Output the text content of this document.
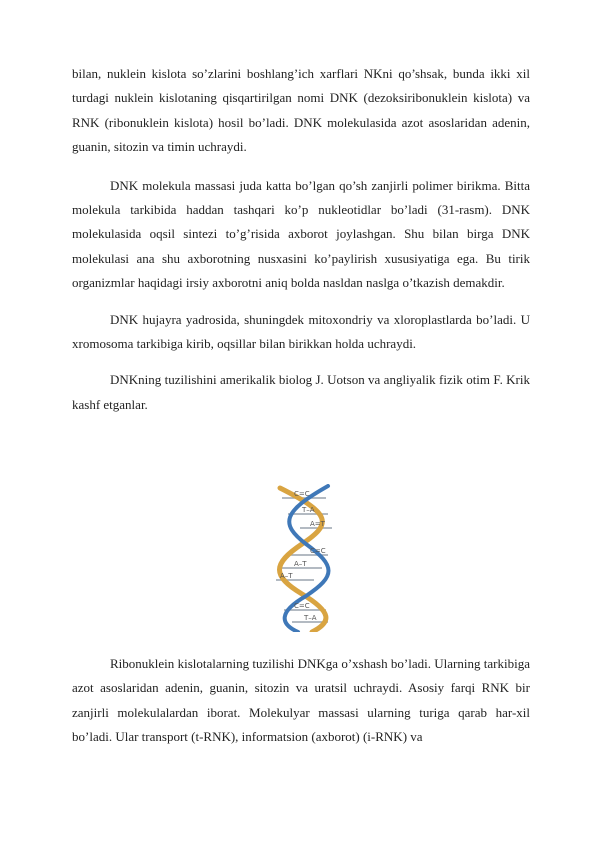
bilan, nuklein kislota so’zlarini boshlang’ich xarflari NKni qo’shsak, bunda ikki xil turdagi nuklein kislotaning qisqartirilgan nomi DNK (dezoksiribonuklein kislota) va RNK (ribonuklein kislota) hosil bo’ladi. DNK molekulasida azot asoslaridan adenin, guanin, sitozin va timin uchraydi.

DNK molekula massasi juda katta bo’lgan qo’sh zanjirli polimer birikma. Bitta molekula tarkibida haddan tashqari ko’p nukleotidlar bo’ladi (31-rasm). DNK molekulasida oqsil sintezi to’g’risida axborot joylashgan. Shu bilan birga DNK molekulasi ana shu axborotning nusxasini ko’paylirish xususiyatiga ega. Bu tirik organizmlar haqidagi irsiy axborotni aniq bolda nasldan naslga o’tkazish demakdir.

DNK hujayra yadrosida, shuningdek mitoxondriy va xloroplastlarda bo’ladi. U xromosoma tarkibiga kirib, oqsillar bilan birikkan holda uchraydi.

DNKning tuzilishini amerikalik biolog J. Uotson va angliyalik fizik otim F. Krik kashf etganlar.

C=C
T–A
A=T
C=C
A–T
A–T
C=C
T–A

Ribonuklein kislotalarning tuzilishi DNKga o’xshash bo’ladi. Ularning tarkibiga azot asoslaridan adenin, guanin, sitozin va uratsil uchraydi. Asosiy farqi RNK bir zanjirli molekulalardan iborat. Molekulyar massasi ularning turiga qarab har-xil bo’ladi. Ular transport (t-RNK), informatsion (axborot) (i-RNK) va
